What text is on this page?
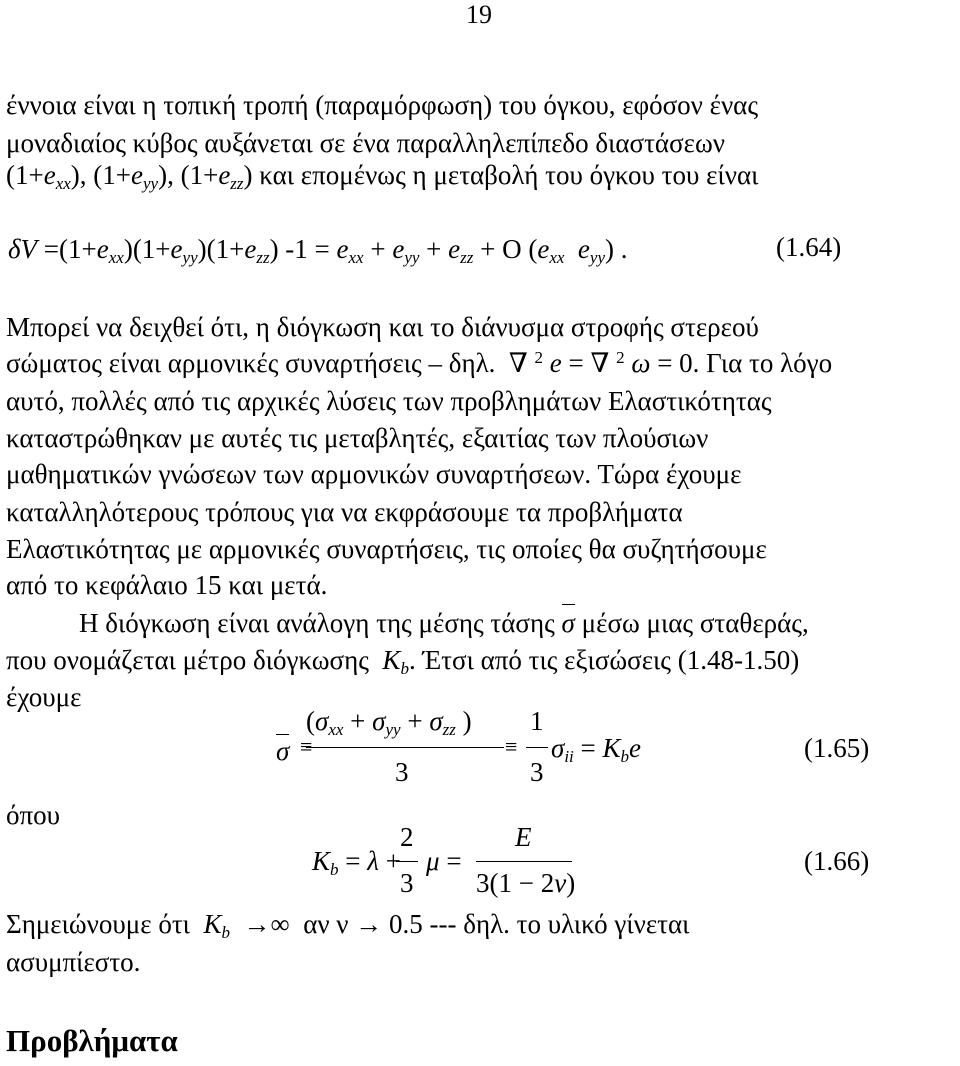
19
έννοια είναι η τοπική τροπή (παραμόρφωση) του όγκου, εφόσον ένας
μοναδιαίος κύβος αυξάνεται σε ένα παραλληλεπίπεδο διαστάσεων
$(1+e_{xx})$, $(1+e_{yy})$, $(1+e_{zz})$ και επομένως η μεταβολή του όγκου του είναι
$\delta V =(1+e_{xx})(1+e_{yy})(1+e_{zz}) -1 = e_{xx} + e_{yy} + e_{zz} + O$ ($e_{xx}$ $e_{yy}$) .	(1.64)
Μπορεί να δειχθεί ότι, η διόγκωση και το διάνυσμα στροφής στερεού
σώματος είναι αρμονικές συναρτήσεις – δηλ.  ∇ $^2$ e = ∇ $^2$ ω = 0. Για το λόγο
αυτό, πολλές από τις αρχικές λύσεις των προβλημάτων Ελαστικότητας
καταστρώθηκαν με αυτές τις μεταβλητές, εξαιτίας των πλούσιων
μαθηματικών γνώσεων των αρμονικών συναρτήσεων. Τώρα έχουμε
καταλληλότερους τρόπους για να εκφράσουμε τα προβλήματα
Ελαστικότητας με αρμονικές συναρτήσεις, τις οποίες θα συζητήσουμε
από το κεφάλαιο 15 και μετά.
Η διόγκωση είναι ανάλογη της μέσης τάσης σ μέσω μιας σταθεράς,
που ονομάζεται μέτρο διόγκωσης $K_b$. Έτσι από τις εξισώσεις (1.48-1.50)
έχουμε
σ ≡
($\sigma_{xx} + \sigma_{yy} + \sigma_{zz}$ )
3
≡
1
3
$\sigma_{ii} = K_be$	(1.65)
όπου
$K_b = \lambda$ +
2
3
μ =
E
3(1 − 2ν)
(1.66)
Σημειώνουμε ότι $K_b$  →∞ αν ν → 0.5 --- δηλ. το υλικό γίνεται
ασυμπίεστο.
Προβλήματα
